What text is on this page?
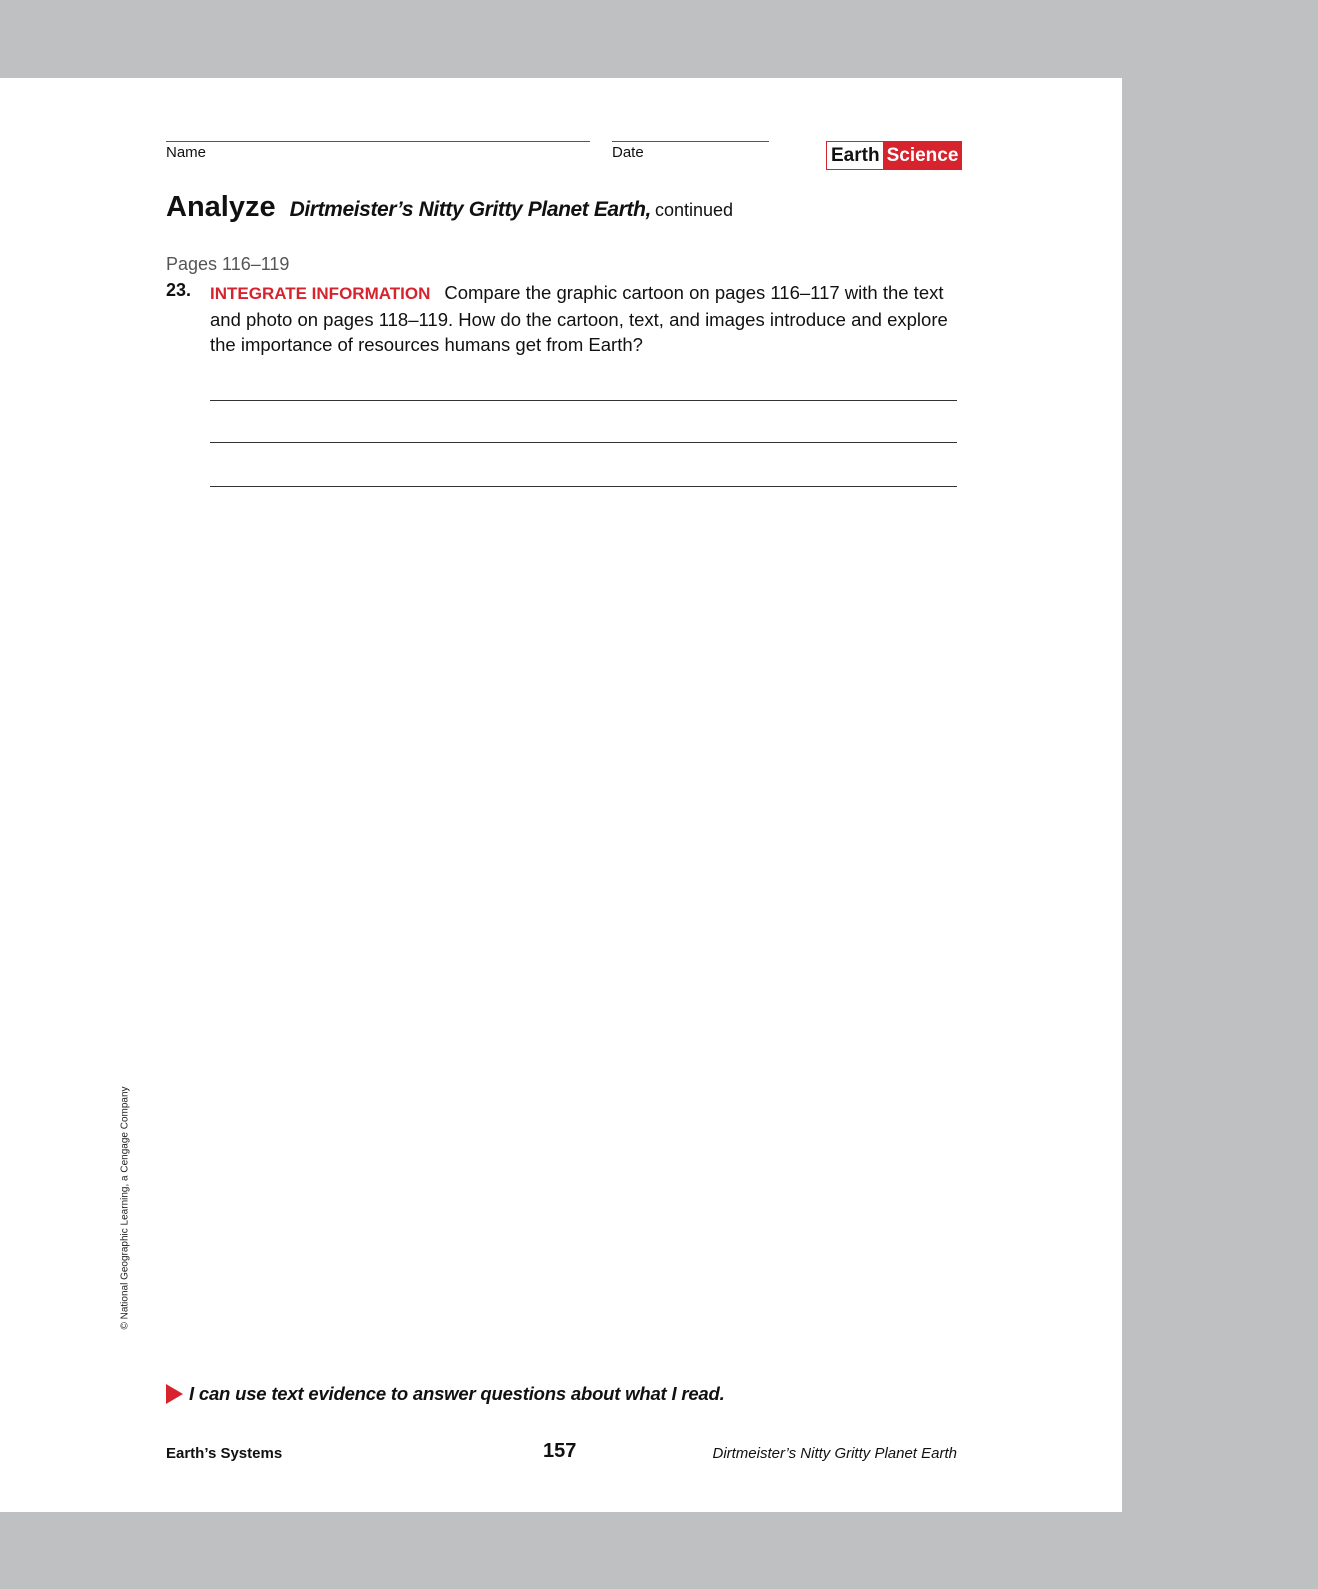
Name	Date	Earth Science
Analyze Dirtmeister’s Nitty Gritty Planet Earth, continued
Pages 116–119
23. INTEGRATE INFORMATION Compare the graphic cartoon on pages 116–117 with the text and photo on pages 118–119. How do the cartoon, text, and images introduce and explore the importance of resources humans get from Earth?
© National Geographic Learning, a Cengage Company
I can use text evidence to answer questions about what I read.
Earth’s Systems	157	Dirtmeister’s Nitty Gritty Planet Earth
